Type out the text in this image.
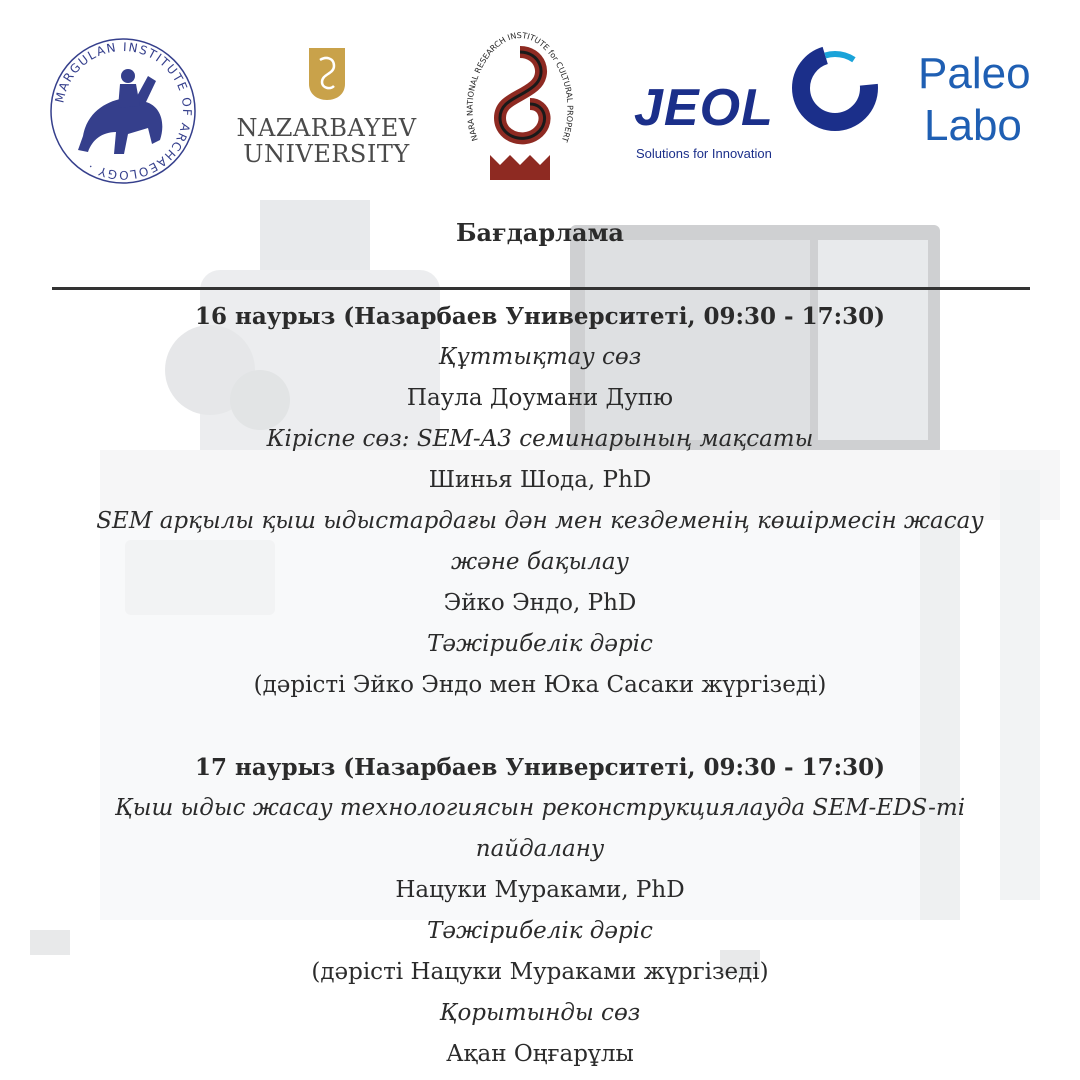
MARGULAN INSTITUTE OF ARCHAEOLOGY ·
NAZARBAYEV
UNIVERSITY
NARA NATIONAL RESEARCH INSTITUTE for CULTURAL PROPERT
JEOL
Solutions for Innovation
Paleo
Labo
Бағдарлама
16 наурыз (Назарбаев Университеті, 09:30 - 17:30)
Құттықтау сөз
Паула Доумани Дупю
Кіріспе сөз: SEM-A3 семинарының мақсаты
Шинья Шода, PhD
SEM арқылы қыш ыдыстардағы дән мен кездеменің көшірмесін жасау
және бақылау
Эйко Эндо, PhD
Тәжірибелік дәріс
(дәрісті Эйко Эндо мен Юка Сасаки жүргізеді)
17 наурыз (Назарбаев Университеті, 09:30 - 17:30)
Қыш ыдыс жасау технологиясын реконструкциялауда SEM-EDS-ті
пайдалану
Нацуки Мураками, PhD
Тәжірибелік дәріс
(дәрісті Нацуки Мураками жүргізеді)
Қорытынды сөз
Ақан Оңғарұлы
